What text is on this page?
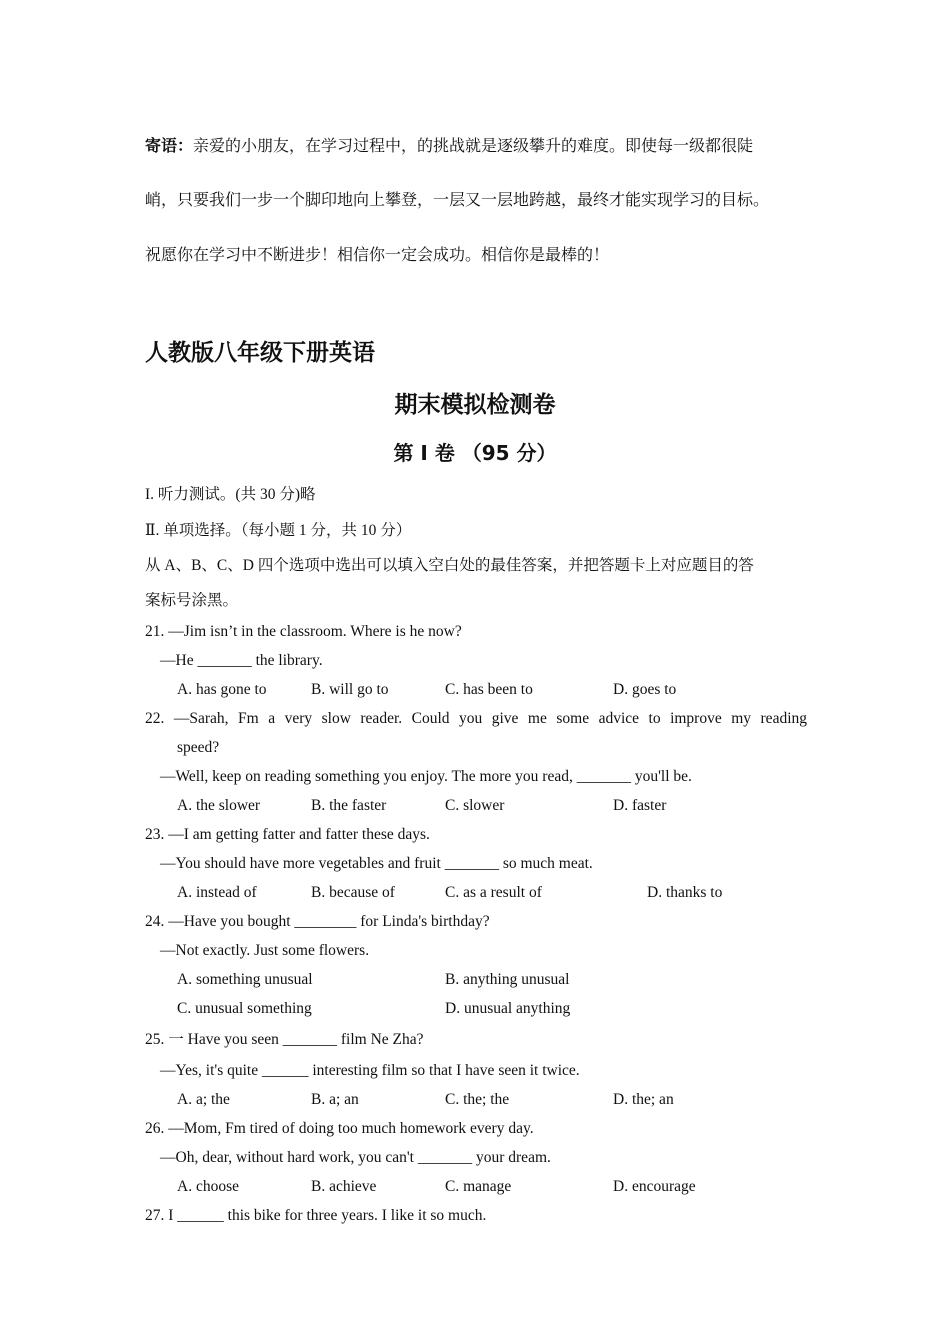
寄语：亲爱的小朋友，在学习过程中，的挑战就是逐级攀升的难度。即使每一级都很陡
峭，只要我们一步一个脚印地向上攀登，一层又一层地跨越，最终才能实现学习的目标。
祝愿你在学习中不断进步！相信你一定会成功。相信你是最棒的！
人教版八年级下册英语
期末模拟检测卷
第 I 卷 （95 分）
I. 听力测试。(共 30 分)略
Ⅱ. 单项选择。（每小题 1 分，共 10 分）
从 A、B、C、D 四个选项中选出可以填入空白处的最佳答案，并把答题卡上对应题目的答
案标号涂黑。
21. —Jim isn’t in the classroom. Where is he now?
—He _______ the library.
A. has gone to	B. will go to	C. has been to	D. goes to
22. —Sarah, Fm a very slow reader. Could you give me some advice to improve my reading
speed?
—Well, keep on reading something you enjoy. The more you read, _______ you'll be.
A. the slower	B. the faster	C. slower	D. faster
23. —I am getting fatter and fatter these days.
—You should have more vegetables and fruit _______ so much meat.
A. instead of	B. because of	C. as a result of	D. thanks to
24. —Have you bought ________ for Linda's birthday?
—Not exactly. Just some flowers.
A. something unusual	B. anything unusual
C. unusual something	D. unusual anything
25. 一 Have you seen _______ film Ne Zha?
—Yes, it's quite ______ interesting film so that I have seen it twice.
A. a; the	B. a; an	C. the; the	D. the; an
26. —Mom, Fm tired of doing too much homework every day.
—Oh, dear, without hard work, you can't _______ your dream.
A. choose	B. achieve	C. manage	D. encourage
27. I ______ this bike for three years. I like it so much.
